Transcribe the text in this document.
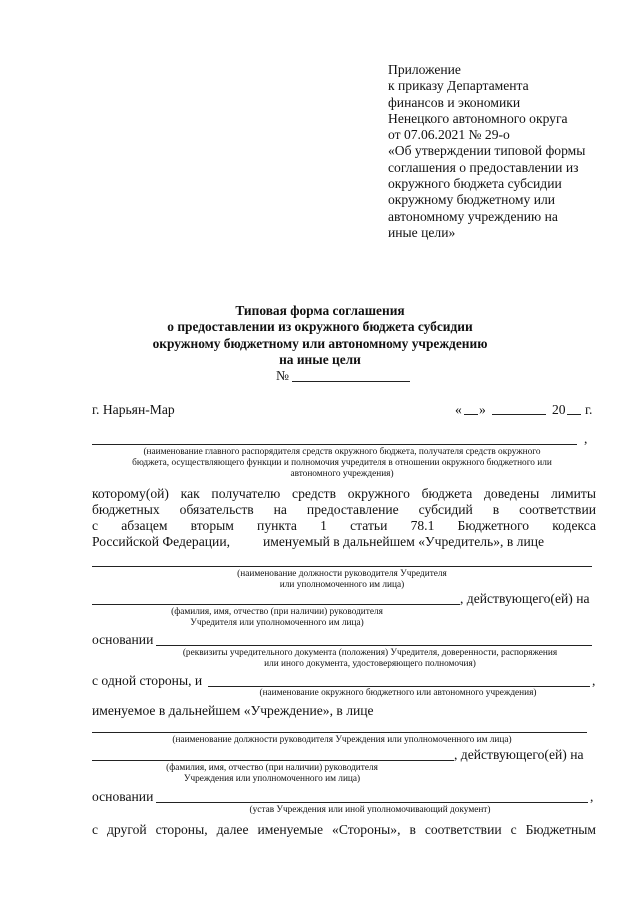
Приложение
к приказу Департамента
финансов и экономики
Ненецкого автономного округа
от 07.06.2021 № 29-о
«Об утверждении типовой формы
соглашения о предоставлении из
окружного бюджета субсидии
окружному бюджетному или
автономному учреждению на
иные цели»
Типовая форма соглашения
о предоставлении из окружного бюджета субсидии
окружному бюджетному или автономному учреждению
на иные цели
№
г. Нарьян-Мар	« »	20 г.
,
(наименование главного распорядителя средств окружного бюджета, получателя средств окружного
бюджета, осуществляющего функции и полномочия учредителя в отношении окружного бюджетного или
автономного учреждения)
которому(ой) как получателю средств окружного бюджета доведены лимиты
бюджетных обязательств на предоставление субсидий в соответствии
с абзацем вторым пункта 1 статьи 78.1 Бюджетного кодекса
Российской Федерации, именуемый в дальнейшем «Учредитель», в лице
(наименование должности руководителя Учредителя
или уполномоченного им лица)
, действующего(ей) на
(фамилия, имя, отчество (при наличии) руководителя
Учредителя или уполномоченного им лица)
основании
(реквизиты учредительного документа (положения) Учредителя, доверенности, распоряжения
или иного документа, удостоверяющего полномочия)
с одной стороны, и	,
(наименование окружного бюджетного или автономного учреждения)
именуемое в дальнейшем «Учреждение», в лице
(наименование должности руководителя Учреждения или уполномоченного им лица)
, действующего(ей) на
(фамилия, имя, отчество (при наличии) руководителя
Учреждения или уполномоченного им лица)
основании	,
(устав Учреждения или иной уполномочивающий документ)
с другой стороны, далее именуемые «Стороны», в соответствии с Бюджетным
